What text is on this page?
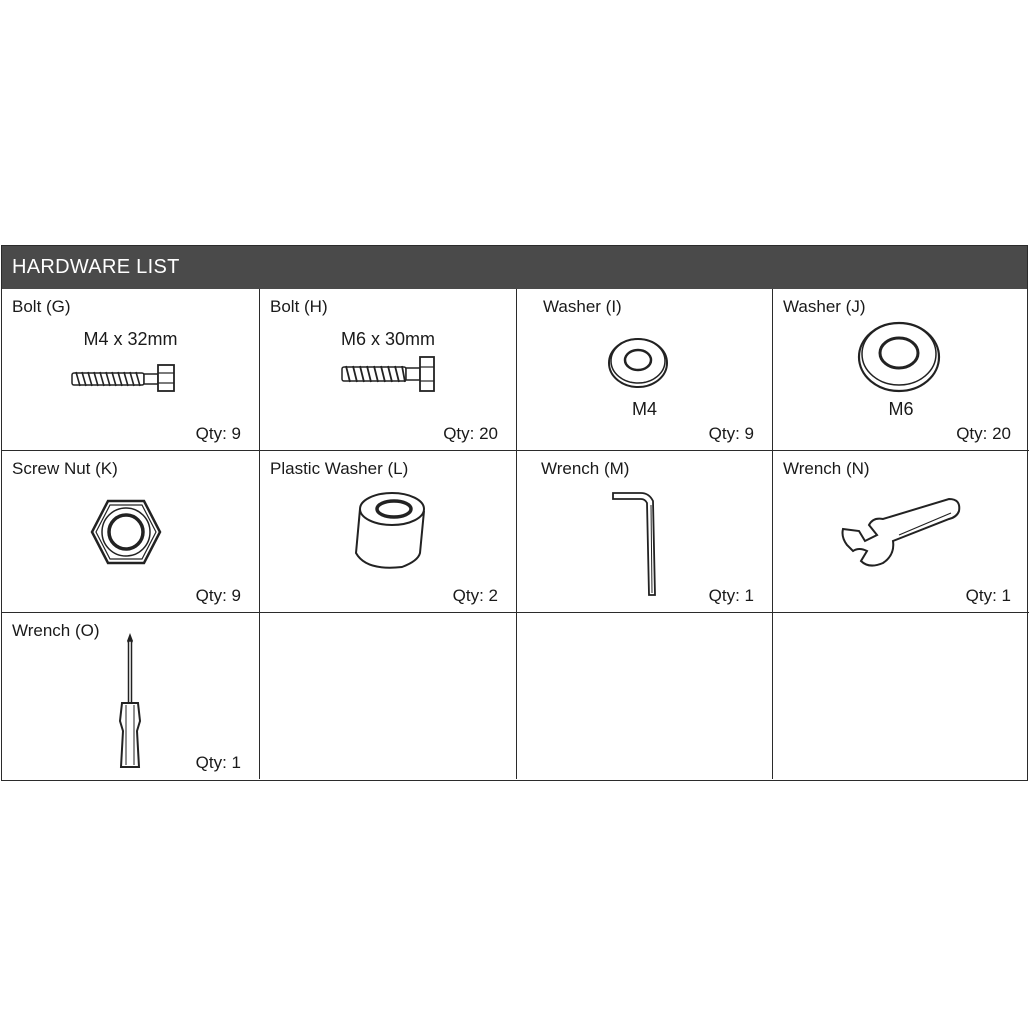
HARDWARE LIST
Bolt (G)
M4 x 32mm
Qty: 9
Bolt (H)
M6 x 30mm
Qty: 20
Washer (I)
M4
Qty: 9
Washer (J)
M6
Qty: 20
Screw Nut (K)
Qty: 9
Plastic Washer (L)
Qty: 2
Wrench (M)
Qty: 1
Wrench (N)
Qty: 1
Wrench (O)
Qty: 1
